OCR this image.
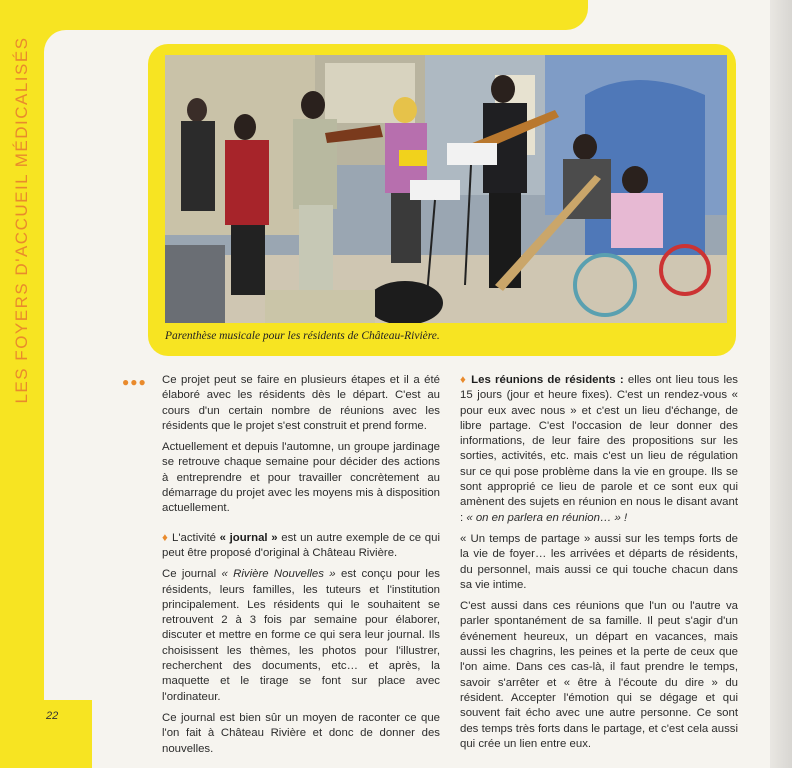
LES FOYERS D'ACCUEIL MÉDICALISÉS
22
Parenthèse musicale pour les résidents de Château-Rivière.
●●● Ce projet peut se faire en plusieurs étapes et il a été élaboré avec les résidents dès le départ. C'est au cours d'un certain nombre de réunions avec les résidents que le projet s'est construit et prend forme.

Actuellement et depuis l'automne, un groupe jardinage se retrouve chaque semaine pour décider des actions à entreprendre et pour travailler concrètement au démarrage du projet avec les moyens mis à disposition actuellement.

♦ L'activité « journal » est un autre exemple de ce qui peut être proposé d'original à Château Rivière.

Ce journal « Rivière Nouvelles » est conçu pour les résidents, leurs familles, les tuteurs et l'institution principalement. Les résidents qui le souhaitent se retrouvent 2 à 3 fois par semaine pour élaborer, discuter et mettre en forme ce qui sera leur journal. Ils choisissent les thèmes, les photos pour l'illustrer, recherchent des documents, etc… et après, la maquette et le tirage se font sur place avec l'ordinateur.

Ce journal est bien sûr un moyen de raconter ce que l'on fait à Château Rivière et donc de donner des nouvelles.

♦ Les réunions de résidents : elles ont lieu tous les 15 jours (jour et heure fixes). C'est un rendez-vous « pour eux avec nous » et c'est un lieu d'échange, de libre partage. C'est l'occasion de leur donner des informations, de leur faire des propositions sur les sorties, activités, etc. mais c'est un lieu de régulation sur ce qui pose problème dans la vie en groupe. Ils se sont approprié ce lieu de parole et ce sont eux qui amènent des sujets en réunion en nous le disant avant : « on en parlera en réunion… » !

« Un temps de partage » aussi sur les temps forts de la vie de foyer… les arrivées et départs de résidents, du personnel, mais aussi ce qui touche chacun dans sa vie intime.

C'est aussi dans ces réunions que l'un ou l'autre va parler spontanément de sa famille. Il peut s'agir d'un événement heureux, un départ en vacances, mais aussi les chagrins, les peines et la perte de ceux que l'on aime. Dans ces cas-là, il faut prendre le temps, savoir s'arrêter et « être à l'écoute du dire » du résident. Accepter l'émotion qui se dégage et qui souvent fait écho avec une autre personne. Ce sont des temps très forts dans le partage, et c'est cela aussi qui crée un lien entre eux.
